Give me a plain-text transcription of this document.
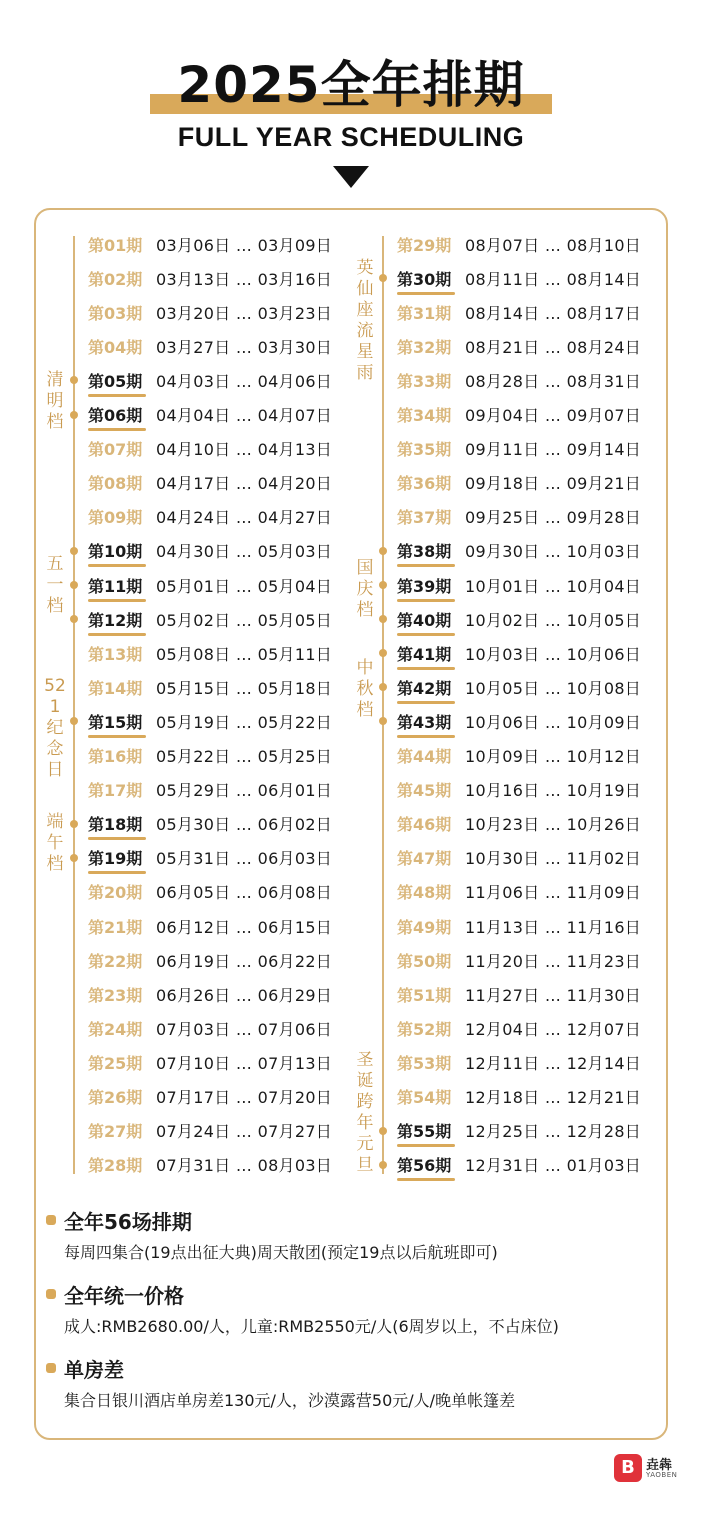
2025全年排期
FULL YEAR SCHEDULING
清明档
五一档
521纪念日
端午档
英仙座流星雨
国庆档
中秋档
圣诞跨年元旦
第01期 03月06日 … 03月09日
第02期 03月13日 … 03月16日
第03期 03月20日 … 03月23日
第04期 03月27日 … 03月30日
第05期 04月03日 … 04月06日
第06期 04月04日 … 04月07日
第07期 04月10日 … 04月13日
第08期 04月17日 … 04月20日
第09期 04月24日 … 04月27日
第10期 04月30日 … 05月03日
第11期 05月01日 … 05月04日
第12期 05月02日 … 05月05日
第13期 05月08日 … 05月11日
第14期 05月15日 … 05月18日
第15期 05月19日 … 05月22日
第16期 05月22日 … 05月25日
第17期 05月29日 … 06月01日
第18期 05月30日 … 06月02日
第19期 05月31日 … 06月03日
第20期 06月05日 … 06月08日
第21期 06月12日 … 06月15日
第22期 06月19日 … 06月22日
第23期 06月26日 … 06月29日
第24期 07月03日 … 07月06日
第25期 07月10日 … 07月13日
第26期 07月17日 … 07月20日
第27期 07月24日 … 07月27日
第28期 07月31日 … 08月03日
第29期 08月07日 … 08月10日
第30期 08月11日 … 08月14日
第31期 08月14日 … 08月17日
第32期 08月21日 … 08月24日
第33期 08月28日 … 08月31日
第34期 09月04日 … 09月07日
第35期 09月11日 … 09月14日
第36期 09月18日 … 09月21日
第37期 09月25日 … 09月28日
第38期 09月30日 … 10月03日
第39期 10月01日 … 10月04日
第40期 10月02日 … 10月05日
第41期 10月03日 … 10月06日
第42期 10月05日 … 10月08日
第43期 10月06日 … 10月09日
第44期 10月09日 … 10月12日
第45期 10月16日 … 10月19日
第46期 10月23日 … 10月26日
第47期 10月30日 … 11月02日
第48期 11月06日 … 11月09日
第49期 11月13日 … 11月16日
第50期 11月20日 … 11月23日
第51期 11月27日 … 11月30日
第52期 12月04日 … 12月07日
第53期 12月11日 … 12月14日
第54期 12月18日 … 12月21日
第55期 12月25日 … 12月28日
第56期 12月31日 … 01月03日
全年56场排期
每周四集合(19点出征大典)周天散团(预定19点以后航班即可)
全年统一价格
成人:RMB2680.00/人，儿童:RMB2550元/人(6周岁以上，不占床位)
单房差
集合日银川酒店单房差130元/人，沙漠露营50元/人/晚单帐篷差
B 垚犇
YAOBEN
